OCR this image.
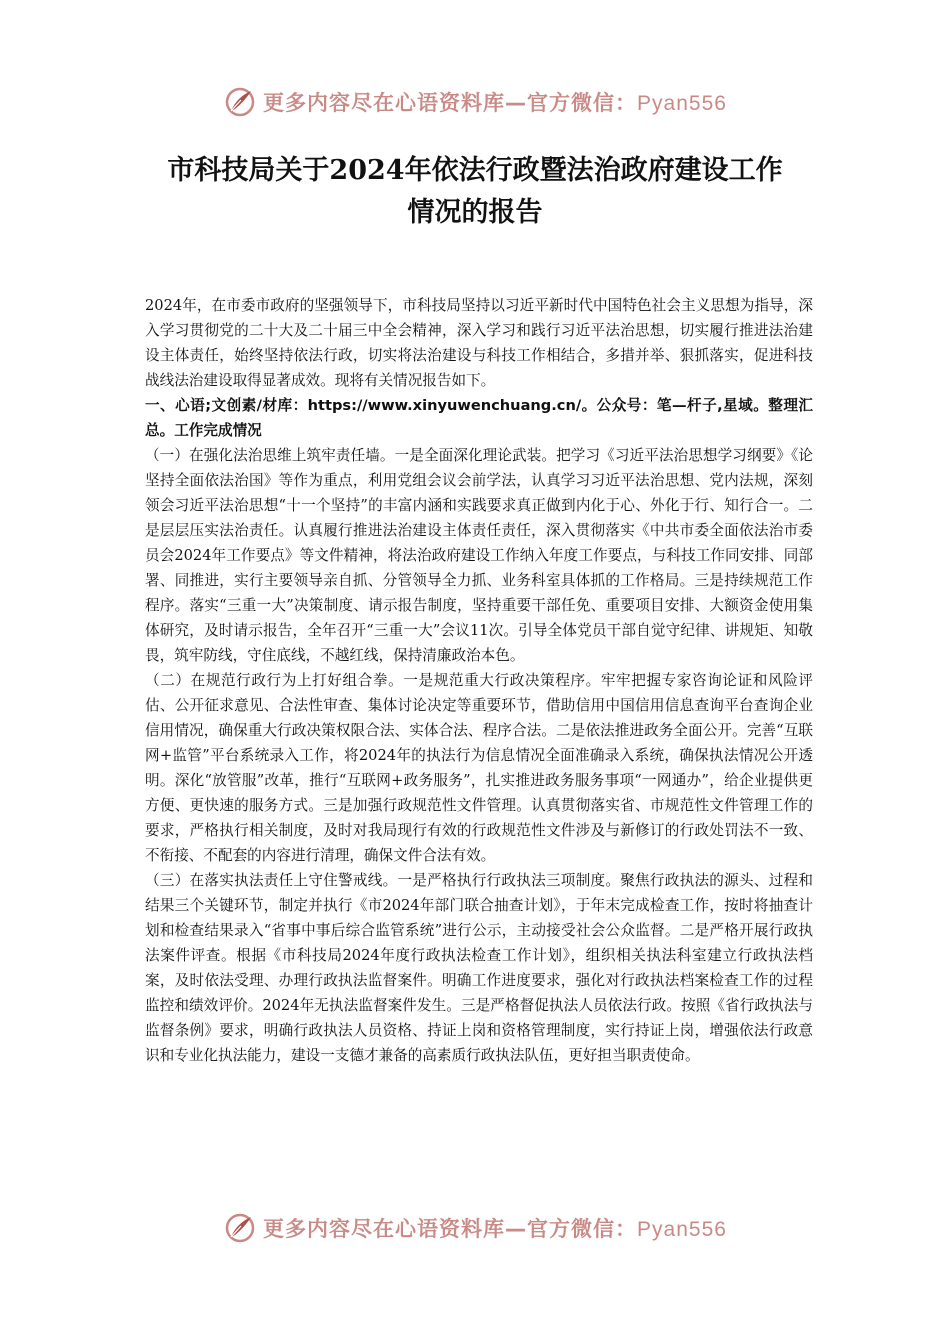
更多内容尽在心语资料库—官方微信：Pyan556
市科技局关于2024年依法行政暨法治政府建设工作
情况的报告

2024年，在市委市政府的坚强领导下，市科技局坚持以习近平新时代中国特色社会主义思想为指导，深入学习贯彻党的二十大及二十届三中全会精神，深入学习和践行习近平法治思想，切实履行推进法治建设主体责任，始终坚持依法行政，切实将法治建设与科技工作相结合，多措并举、狠抓落实，促进科技战线法治建设取得显著成效。现将有关情况报告如下。

一、心语;文创素/材库：https://www.xinyuwenchuang.cn/。公众号：笔—杆子,星域。整理汇总。工作完成情况

（一）在强化法治思维上筑牢责任墙。一是全面深化理论武装。把学习《习近平法治思想学习纲要》《论坚持全面依法治国》等作为重点，利用党组会议会前学法，认真学习习近平法治思想、党内法规，深刻领会习近平法治思想“十一个坚持”的丰富内涵和实践要求真正做到内化于心、外化于行、知行合一。二是层层压实法治责任。认真履行推进法治建设主体责任责任，深入贯彻落实《中共市委全面依法治市委员会2024年工作要点》等文件精神，将法治政府建设工作纳入年度工作要点，与科技工作同安排、同部署、同推进，实行主要领导亲自抓、分管领导全力抓、业务科室具体抓的工作格局。三是持续规范工作程序。落实“三重一大”决策制度、请示报告制度，坚持重要干部任免、重要项目安排、大额资金使用集体研究，及时请示报告，全年召开“三重一大”会议11次。引导全体党员干部自觉守纪律、讲规矩、知敬畏，筑牢防线，守住底线，不越红线，保持清廉政治本色。

（二）在规范行政行为上打好组合拳。一是规范重大行政决策程序。牢牢把握专家咨询论证和风险评估、公开征求意见、合法性审查、集体讨论决定等重要环节，借助信用中国信用信息查询平台查询企业信用情况，确保重大行政决策权限合法、实体合法、程序合法。二是依法推进政务全面公开。完善“互联网+监管”平台系统录入工作，将2024年的执法行为信息情况全面准确录入系统，确保执法情况公开透明。深化“放管服”改革，推行“互联网+政务服务”，扎实推进政务服务事项“一网通办”，给企业提供更方便、更快速的服务方式。三是加强行政规范性文件管理。认真贯彻落实省、市规范性文件管理工作的要求，严格执行相关制度，及时对我局现行有效的行政规范性文件涉及与新修订的行政处罚法不一致、不衔接、不配套的内容进行清理，确保文件合法有效。

（三）在落实执法责任上守住警戒线。一是严格执行行政执法三项制度。聚焦行政执法的源头、过程和结果三个关键环节，制定并执行《市2024年部门联合抽查计划》，于年末完成检查工作，按时将抽查计划和检查结果录入“省事中事后综合监管系统”进行公示，主动接受社会公众监督。二是严格开展行政执法案件评查。根据《市科技局2024年度行政执法检查工作计划》，组织相关执法科室建立行政执法档案，及时依法受理、办理行政执法监督案件。明确工作进度要求，强化对行政执法档案检查工作的过程监控和绩效评价。2024年无执法监督案件发生。三是严格督促执法人员依法行政。按照《省行政执法与监督条例》要求，明确行政执法人员资格、持证上岗和资格管理制度，实行持证上岗，增强依法行政意识和专业化执法能力，建设一支德才兼备的高素质行政执法队伍，更好担当职责使命。

更多内容尽在心语资料库—官方微信：Pyan556
